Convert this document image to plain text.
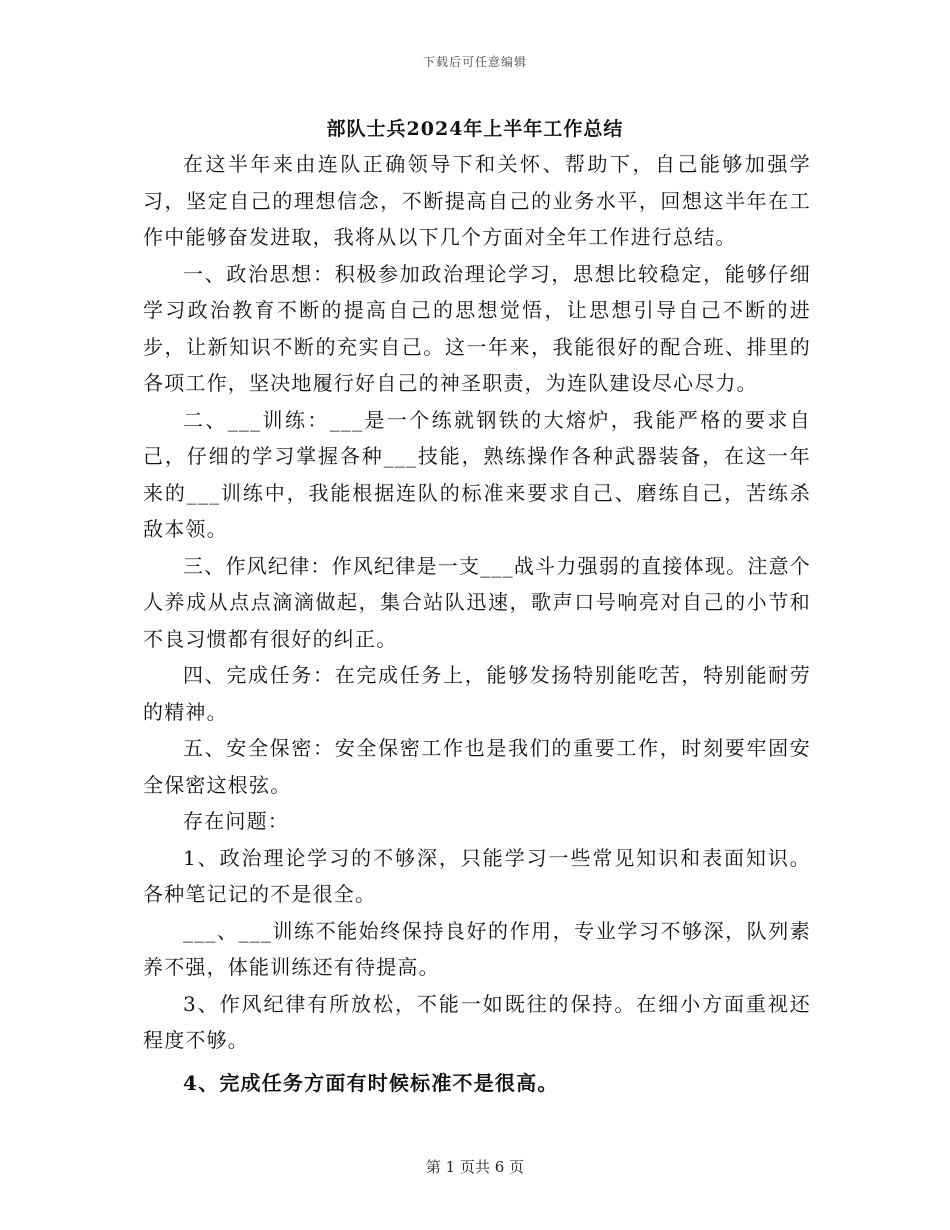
下载后可任意编辑
部队士兵2024年上半年工作总结

在这半年来由连队正确领导下和关怀、帮助下，自己能够加强学习，坚定自己的理想信念，不断提高自己的业务水平，回想这半年在工作中能够奋发进取，我将从以下几个方面对全年工作进行总结。

一、政治思想：积极参加政治理论学习，思想比较稳定，能够仔细学习政治教育不断的提高自己的思想觉悟，让思想引导自己不断的进步，让新知识不断的充实自己。这一年来，我能很好的配合班、排里的各项工作，坚决地履行好自己的神圣职责，为连队建设尽心尽力。

二、___训练：___是一个练就钢铁的大熔炉，我能严格的要求自己，仔细的学习掌握各种___技能，熟练操作各种武器装备，在这一年来的___训练中，我能根据连队的标准来要求自己、磨练自己，苦练杀敌本领。

三、作风纪律：作风纪律是一支___战斗力强弱的直接体现。注意个人养成从点点滴滴做起，集合站队迅速，歌声口号响亮对自己的小节和不良习惯都有很好的纠正。

四、完成任务：在完成任务上，能够发扬特别能吃苦，特别能耐劳的精神。

五、安全保密：安全保密工作也是我们的重要工作，时刻要牢固安全保密这根弦。

存在问题：

1、政治理论学习的不够深，只能学习一些常见知识和表面知识。各种笔记记的不是很全。

___、___训练不能始终保持良好的作用，专业学习不够深，队列素养不强，体能训练还有待提高。

3、作风纪律有所放松，不能一如既往的保持。在细小方面重视还程度不够。

4、完成任务方面有时候标准不是很高。

第 1 页共 6 页
